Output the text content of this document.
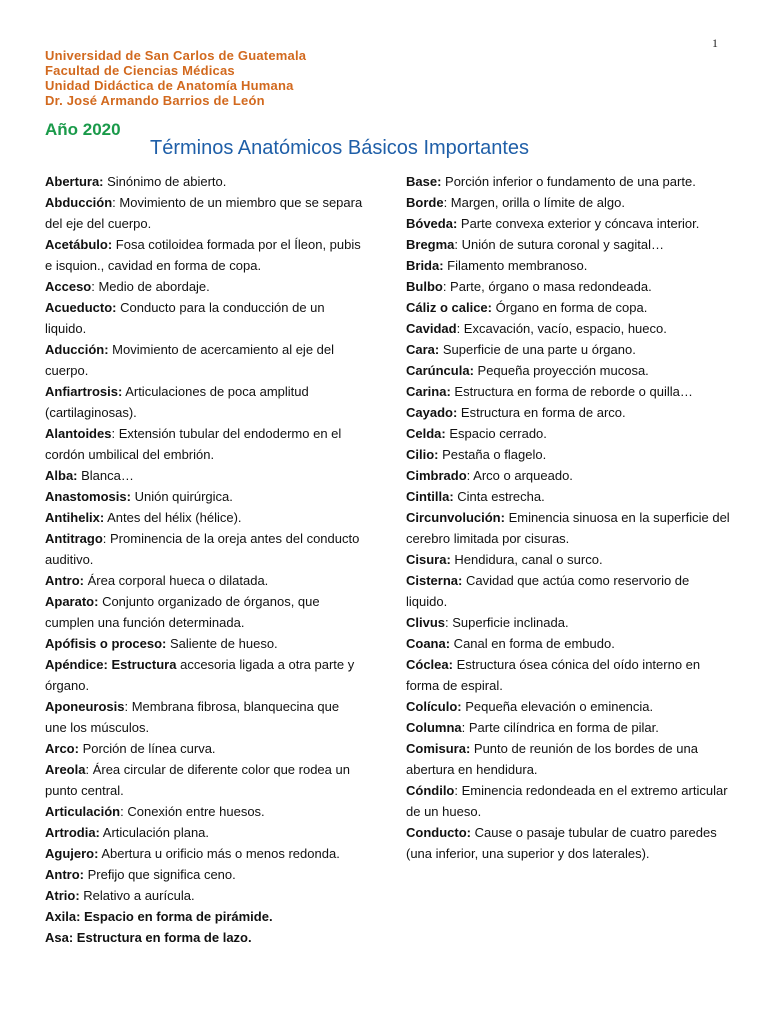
1
Universidad de San Carlos de Guatemala
Facultad de Ciencias Médicas
Unidad Didáctica de Anatomía Humana
Dr. José Armando Barrios de León
Año 2020
Términos Anatómicos Básicos Importantes
Abertura: Sinónimo de abierto.
Abducción: Movimiento de un miembro que se separa del eje del cuerpo.
Acetábulo: Fosa cotiloidea formada por el Íleon, pubis e isquion., cavidad en forma de copa.
Acceso: Medio de abordaje.
Acueducto: Conducto para la conducción de un liquido.
Aducción: Movimiento de acercamiento al eje del cuerpo.
Anfiartrosis: Articulaciones de poca amplitud (cartilaginosas).
Alantoides: Extensión tubular del endodermo en el cordón umbilical del embrión.
Alba: Blanca…
Anastomosis: Unión quirúrgica.
Antihelix: Antes del hélix (hélice).
Antitrago: Prominencia de la oreja antes del conducto auditivo.
Antro: Área corporal hueca o dilatada.
Aparato: Conjunto organizado de órganos, que cumplen una función determinada.
Apófisis o proceso: Saliente de hueso.
Apéndice: Estructura accesoria ligada a otra parte y órgano.
Aponeurosis: Membrana fibrosa, blanquecina que une los músculos.
Arco: Porción de línea curva.
Areola: Área circular de diferente color que rodea un punto central.
Articulación: Conexión entre huesos.
Artrodia: Articulación plana.
Agujero: Abertura u orificio más o menos redonda.
Antro: Prefijo que significa ceno.
Atrio: Relativo a aurícula.
Axila: Espacio en forma de pirámide.
Asa: Estructura en forma de lazo.
Base: Porción inferior o fundamento de una parte.
Borde: Margen, orilla o límite de algo.
Bóveda: Parte convexa exterior y cóncava interior.
Bregma: Unión de sutura coronal y sagital…
Brida: Filamento membranoso.
Bulbo: Parte, órgano o masa redondeada.
Cáliz o calice: Órgano en forma de copa.
Cavidad: Excavación, vacío, espacio, hueco.
Cara: Superficie de una parte u órgano.
Carúncula: Pequeña proyección mucosa.
Carina: Estructura en forma de reborde o quilla…
Cayado: Estructura en forma de arco.
Celda: Espacio cerrado.
Cilio: Pestaña o flagelo.
Cimbrado: Arco o arqueado.
Cintilla: Cinta estrecha.
Circunvolución: Eminencia sinuosa en la superficie del cerebro limitada por cisuras.
Cisura: Hendidura, canal o surco.
Cisterna: Cavidad que actúa como reservorio de liquido.
Clivus: Superficie inclinada.
Coana: Canal en forma de embudo.
Cóclea: Estructura ósea cónica del oído interno en forma de espiral.
Colículo: Pequeña elevación o eminencia.
Columna: Parte cilíndrica en forma de pilar.
Comisura: Punto de reunión de los bordes de una abertura en hendidura.
Cóndilo: Eminencia redondeada en el extremo articular de un hueso.
Conducto: Cause o pasaje tubular de cuatro paredes (una inferior, una superior y dos laterales).
